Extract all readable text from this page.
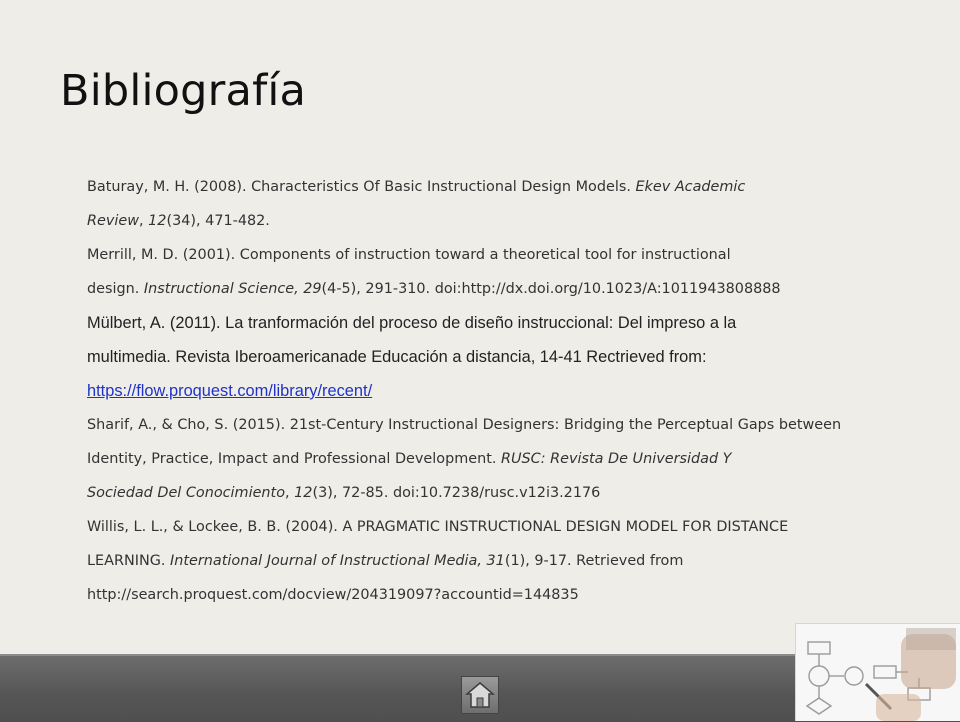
Bibliografía

Baturay, M. H. (2008). Characteristics Of Basic Instructional Design Models. Ekev Academic
Review, 12(34), 471-482.

Merrill, M. D. (2001). Components of instruction toward a theoretical tool for instructional
design. Instructional Science, 29(4-5), 291-310. doi:http://dx.doi.org/10.1023/A:1011943808888

Mülbert, A. (2011). La tranformación del proceso de diseño instruccional: Del impreso a la
multimedia. Revista Iberoamericanade Educación a distancia, 14-41 Rectrieved from:
https://flow.proquest.com/library/recent/

Sharif, A., & Cho, S. (2015). 21st-Century Instructional Designers: Bridging the Perceptual Gaps between
Identity, Practice, Impact and Professional Development. RUSC: Revista De Universidad Y
Sociedad Del Conocimiento, 12(3), 72-85. doi:10.7238/rusc.v12i3.2176

Willis, L. L., & Lockee, B. B. (2004). A PRAGMATIC INSTRUCTIONAL DESIGN MODEL FOR DISTANCE
LEARNING. International Journal of Instructional Media, 31(1), 9-17. Retrieved from
http://search.proquest.com/docview/204319097?accountid=144835
